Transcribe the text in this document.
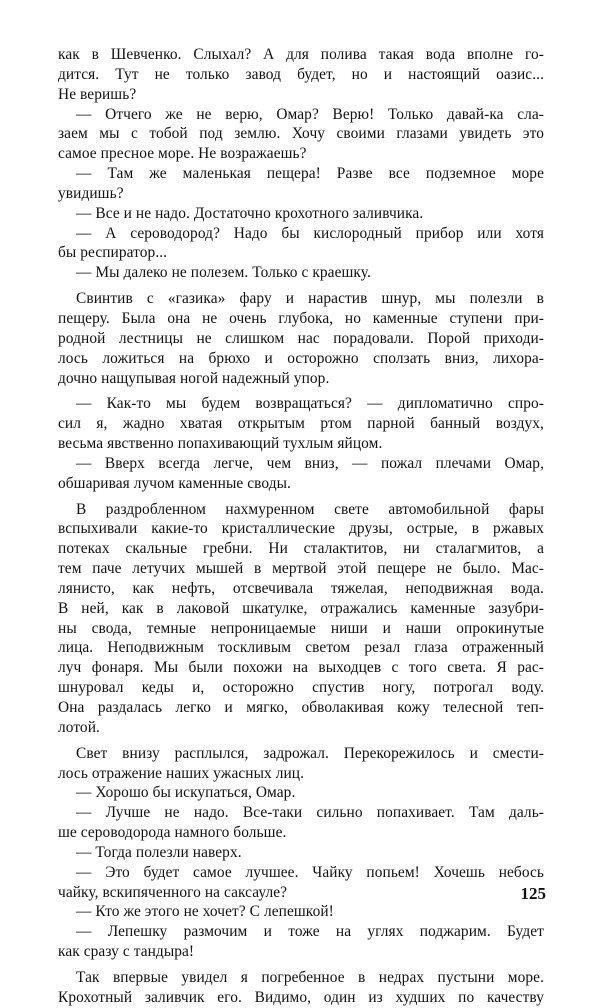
как в Шевченко. Слыхал? А для полива такая вода вполне го-
дится. Тут не только завод будет, но и настоящий оазис...
Не веришь?
— Отчего же не верю, Омар? Верю! Только давай-ка сла-
заем мы с тобой под землю. Хочу своими глазами увидеть это
самое пресное море. Не возражаешь?
— Там же маленькая пещера! Разве все подземное море
увидишь?
— Все и не надо. Достаточно крохотного заливчика.
— А сероводород? Надо бы кислородный прибор или хотя
бы респиратор...
— Мы далеко не полезем. Только с краешку.
Свинтив с «газика» фару и нарастив шнур, мы полезли в
пещеру. Была она не очень глубока, но каменные ступени при-
родной лестницы не слишком нас порадовали. Порой приходи-
лось ложиться на брюхо и осторожно сползать вниз, лихора-
дочно нащупывая ногой надежный упор.
— Как-то мы будем возвращаться? — дипломатично спро-
сил я, жадно хватая открытым ртом парной банный воздух,
весьма явственно попахивающий тухлым яйцом.
— Вверх всегда легче, чем вниз, — пожал плечами Омар,
обшаривая лучом каменные своды.
В раздробленном нахмуренном свете автомобильной фары
вспыхивали какие-то кристаллические друзы, острые, в ржавых
потеках скальные гребни. Ни сталактитов, ни сталагмитов, а
тем паче летучих мышей в мертвой этой пещере не было. Мас-
лянисто, как нефть, отсвечивала тяжелая, неподвижная вода.
В ней, как в лаковой шкатулке, отражались каменные зазубри-
ны свода, темные непроницаемые ниши и наши опрокинутые
лица. Неподвижным тоскливым светом резал глаза отраженный
луч фонаря. Мы были похожи на выходцев с того света. Я рас-
шнуровал кеды и, осторожно спустив ногу, потрогал воду.
Она раздалась легко и мягко, обволакивая кожу телесной теп-
лотой.
Свет внизу расплылся, задрожал. Перекорежилось и смести-
лось отражение наших ужасных лиц.
— Хорошо бы искупаться, Омар.
— Лучше не надо. Все-таки сильно попахивает. Там даль-
ше сероводорода намного больше.
— Тогда полезли наверх.
— Это будет самое лучшее. Чайку попьем! Хочешь небось
чайку, вскипяченного на саксауле?
— Кто же этого не хочет? С лепешкой!
— Лепешку размочим и тоже на углях поджарим. Будет
как сразу с тандыра!
Так впервые увидел я погребенное в недрах пустыни море.
Крохотный заливчик его. Видимо, один из худших по качеству
125
